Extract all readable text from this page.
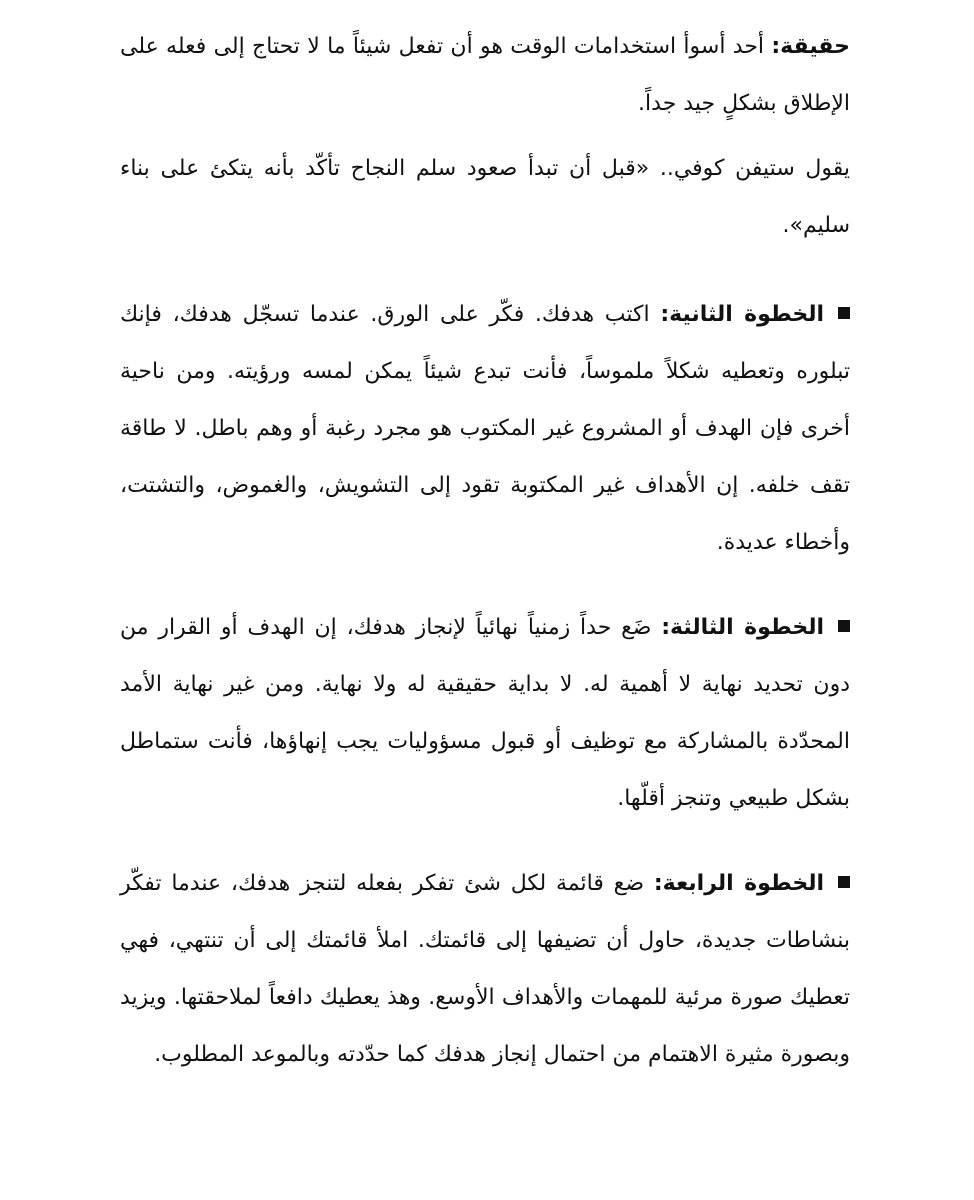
حقيقة: أحد أسوأ استخدامات الوقت هو أن تفعل شيئاً ما لا تحتاج إلى فعله على الإطلاق بشكلٍ جيد جداً.

يقول ستيفن كوفي.. «قبل أن تبدأ صعود سلم النجاح تأكّد بأنه يتكئ على بناء سليم».

الخطوة الثانية: اكتب هدفك. فكّر على الورق. عندما تسجّل هدفك، فإنك تبلوره وتعطيه شكلاً ملموساً، فأنت تبدع شيئاً يمكن لمسه ورؤيته. ومن ناحية أخرى فإن الهدف أو المشروع غير المكتوب هو مجرد رغبة أو وهم باطل. لا طاقة تقف خلفه. إن الأهداف غير المكتوبة تقود إلى التشويش، والغموض، والتشتت، وأخطاء عديدة.

الخطوة الثالثة: ضَع حداً زمنياً نهائياً لإنجاز هدفك، إن الهدف أو القرار من دون تحديد نهاية لا أهمية له. لا بداية حقيقية له ولا نهاية. ومن غير نهاية الأمد المحدّدة بالمشاركة مع توظيف أو قبول مسؤوليات يجب إنهاؤها، فأنت ستماطل بشكل طبيعي وتنجز أقلّها.

الخطوة الرابعة: ضع قائمة لكل شئ تفكر بفعله لتنجز هدفك، عندما تفكّر بنشاطات جديدة، حاول أن تضيفها إلى قائمتك. املأ قائمتك إلى أن تنتهي، فهي تعطيك صورة مرئية للمهمات والأهداف الأوسع. وهذ يعطيك دافعاً لملاحقتها. ويزيد وبصورة مثيرة الاهتمام من احتمال إنجاز هدفك كما حدّدته وبالموعد المطلوب.
